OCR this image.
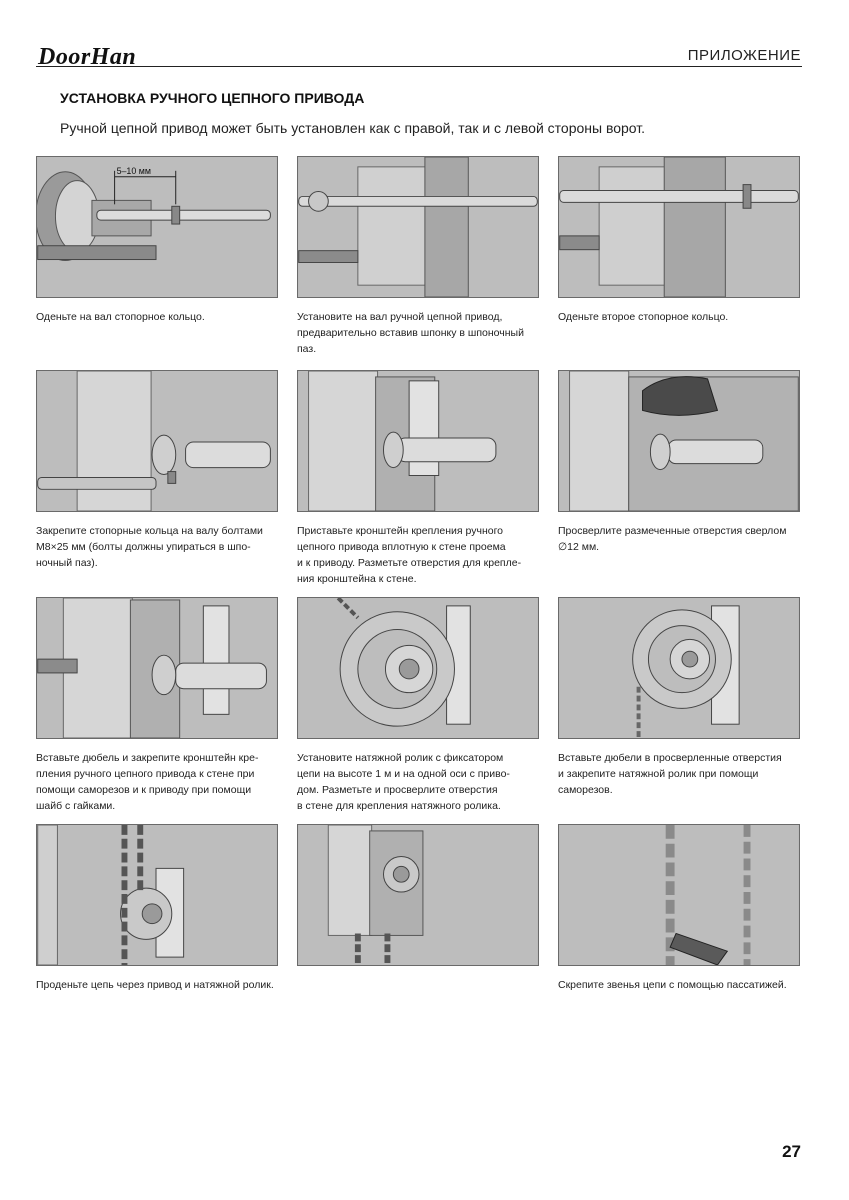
DoorHan	ПРИЛОЖЕНИЕ
УСТАНОВКА РУЧНОГО ЦЕПНОГО ПРИВОДА
Ручной цепной привод может быть установлен как с правой, так и с левой стороны ворот.
5–10 мм
Оденьте на вал стопорное кольцо.	Установите на вал ручной цепной привод,
предварительно вставив шпонку в шпоночный
паз.
Оденьте второе стопорное кольцо.
Закрепите стопорные кольца на валу болтами
М8×25 мм (болты должны упираться в шпо-
ночный паз).
Приставьте кронштейн крепления ручного
цепного привода вплотную к стене проема
и к приводу. Разметьте отверстия для крепле-
ния кронштейна к стене.
Просверлите размеченные отверстия сверлом
∅12 мм.
Вставьте дюбель и закрепите кронштейн кре-
пления ручного цепного привода к стене при
помощи саморезов и к приводу при помощи
шайб с гайками.
Установите натяжной ролик с фиксатором
цепи на высоте 1 м и на одной оси с приво-
дом. Разметьте и просверлите отверстия
в стене для крепления натяжного ролика.
Вставьте дюбели в просверленные отверстия
и закрепите натяжной ролик при помощи
саморезов.
Проденьте цепь через привод и натяжной ролик.	Скрепите звенья цепи с помощью пассатижей.
27
